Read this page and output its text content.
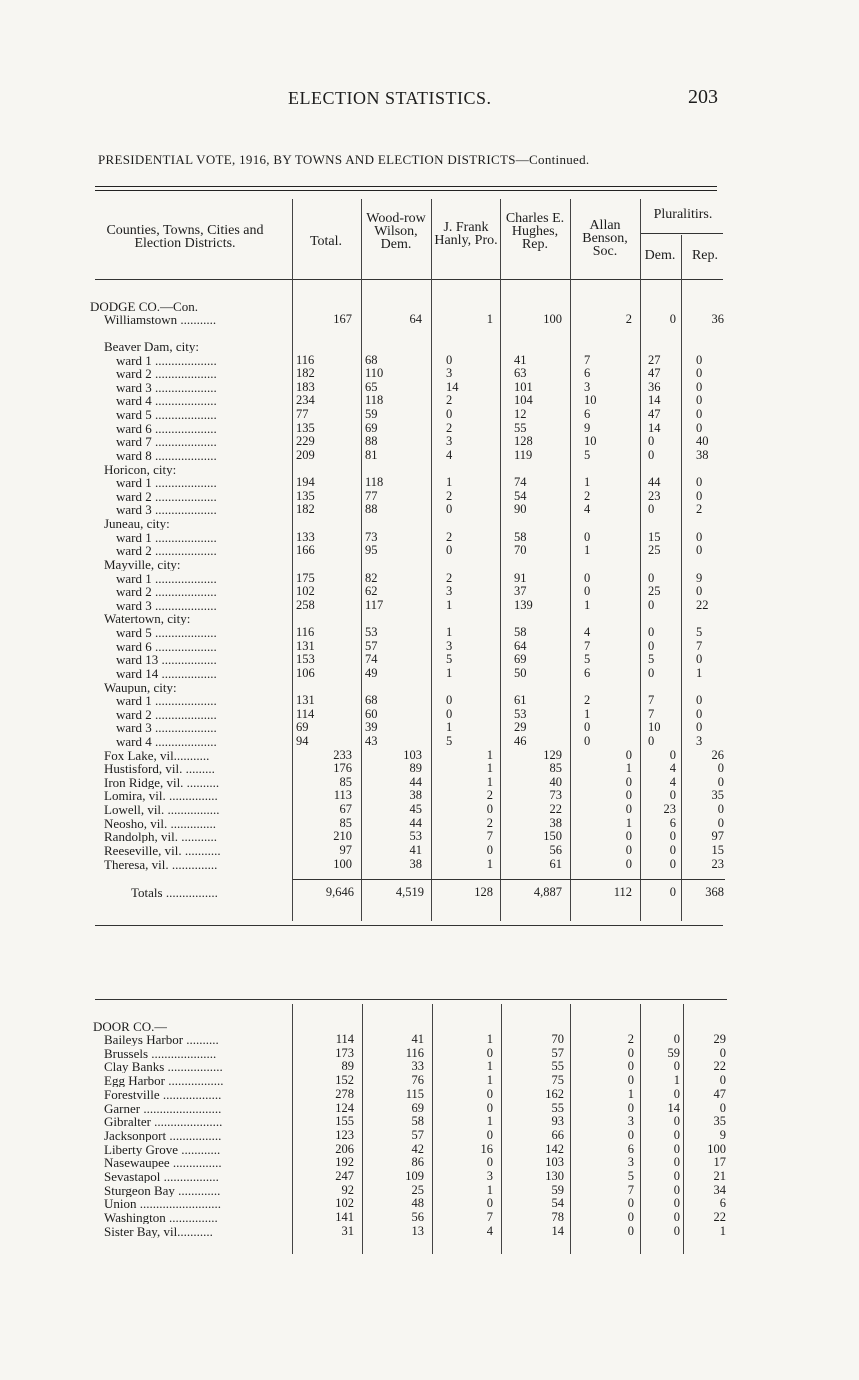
ELECTION STATISTICS.	203
PRESIDENTIAL VOTE, 1916, BY TOWNS AND ELECTION DISTRICTS—Continued.
Counties, Towns, Cities and Election Districts.	Total.
Wood-row Wilson, Dem.
J. Frank Hanly, Pro.
Charles E. Hughes, Rep.
Allan Benson, Soc.
Pluralitirs.
Dem.	Rep.
DODGE CO.—Con.
Williamstown ...........	167	64	1	100	2	0	36
Beaver Dam, city:
ward 1 ...................	116	68	0	41	7	27	0
ward 2 ...................	182	110	3	63	6	47	0
ward 3 ...................	183	65	14	101	3	36	0
ward 4 ...................	234	118	2	104	10	14	0
ward 5 ...................	77	59	0	12	6	47	0
ward 6 ...................	135	69	2	55	9	14	0
ward 7 ...................	229	88	3	128	10	0	40
ward 8 ...................	209	81	4	119	5	0	38
Horicon, city:
ward 1 ...................	194	118	1	74	1	44	0
ward 2 ...................	135	77	2	54	2	23	0
ward 3 ...................	182	88	0	90	4	0	2
Juneau, city:
ward 1 ...................	133	73	2	58	0	15	0
ward 2 ...................	166	95	0	70	1	25	0
Mayville, city:
ward 1 ...................	175	82	2	91	0	0	9
ward 2 ...................	102	62	3	37	0	25	0
ward 3 ...................	258	117	1	139	1	0	22
Watertown, city:
ward 5 ...................	116	53	1	58	4	0	5
ward 6 ...................	131	57	3	64	7	0	7
ward 13 .................	153	74	5	69	5	5	0
ward 14 .................	106	49	1	50	6	0	1
Waupun, city:
ward 1 ...................	131	68	0	61	2	7	0
ward 2 ...................	114	60	0	53	1	7	0
ward 3 ...................	69	39	1	29	0	10	0
ward 4 ...................	94	43	5	46	0	0	3
Fox Lake, vil...........	233	103	1	129	0	0	26
Hustisford, vil. .........	176	89	1	85	1	4	0
Iron Ridge, vil. ..........	85	44	1	40	0	4	0
Lomira, vil. ...............	113	38	2	73	0	0	35
Lowell, vil. ................	67	45	0	22	0	23	0
Neosho, vil. ..............	85	44	2	38	1	6	0
Randolph, vil. ...........	210	53	7	150	0	0	97
Reeseville, vil. ...........	97	41	0	56	0	0	15
Theresa, vil. ..............	100	38	1	61	0	0	23
Totals ................	9,646	4,519	128	4,887	112	0	368
DOOR CO.—
Baileys Harbor ..........	114	41	1	70	2	0	29
Brussels ....................	173	116	0	57	0	59	0
Clay Banks .................	89	33	1	55	0	0	22
Egg Harbor .................	152	76	1	75	0	1	0
Forestville ..................	278	115	0	162	1	0	47
Garner ........................	124	69	0	55	0	14	0
Gibralter .....................	155	58	1	93	3	0	35
Jacksonport ................	123	57	0	66	0	0	9
Liberty Grove ............	206	42	16	142	6	0	100
Nasewaupee ...............	192	86	0	103	3	0	17
Sevastapol .................	247	109	3	130	5	0	21
Sturgeon Bay .............	92	25	1	59	7	0	34
Union .........................	102	48	0	54	0	0	6
Washington ...............	141	56	7	78	0	0	22
Sister Bay, vil...........	31	13	4	14	0	0	1
